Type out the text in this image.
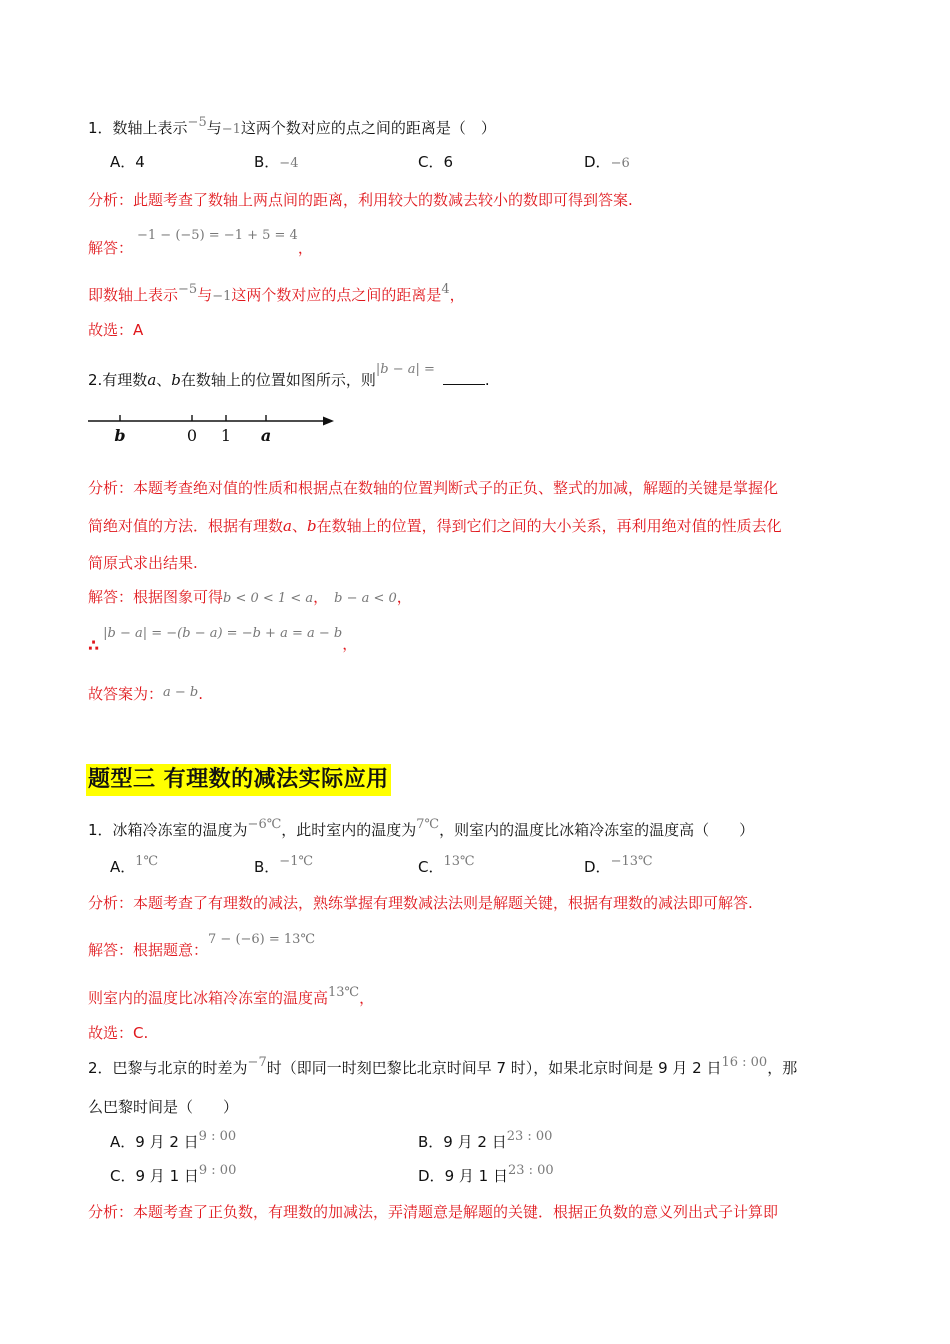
1．数轴上表示−5与−1这两个数对应的点之间的距离是（　）
A．4	B．−4	C．6	D．−6
分析：此题考查了数轴上两点间的距离，利用较大的数减去较小的数即可得到答案.
解答：−1 − (−5) = −1 + 5 = 4，
即数轴上表示−5与−1这两个数对应的点之间的距离是4，
故选：A
2.有理数a、b在数轴上的位置如图所示，则|b − a| =.
b	0 1 a
分析：本题考查绝对值的性质和根据点在数轴的位置判断式子的正负、整式的加减，解题的关键是掌握化
简绝对值的方法．根据有理数a、b在数轴上的位置，得到它们之间的大小关系，再利用绝对值的性质去化
简原式求出结果.
解答：根据图象可得b < 0 < 1 < a， b − a < 0，
∴|b − a| = −(b − a) = −b + a = a − b，
故答案为：a − b.
题型三 有理数的减法实际应用
1．冰箱冷冻室的温度为−6℃，此时室内的温度为7℃，则室内的温度比冰箱冷冻室的温度高（　　）
A．1℃	B．−1℃	C．13℃	D．−13℃
分析：本题考查了有理数的减法，熟练掌握有理数减法法则是解题关键，根据有理数的减法即可解答.
解答：根据题意：7 − (−6) = 13℃
则室内的温度比冰箱冷冻室的温度高13℃，
故选：C.
2．巴黎与北京的时差为−7时（即同一时刻巴黎比北京时间早 7 时），如果北京时间是 9 月 2 日16 : 00，那
么巴黎时间是（　　）
A．9 月 2 日9 : 00	B．9 月 2 日23 : 00
C．9 月 1 日9 : 00	D．9 月 1 日23 : 00
分析：本题考查了正负数，有理数的加减法，弄清题意是解题的关键．根据正负数的意义列出式子计算即
